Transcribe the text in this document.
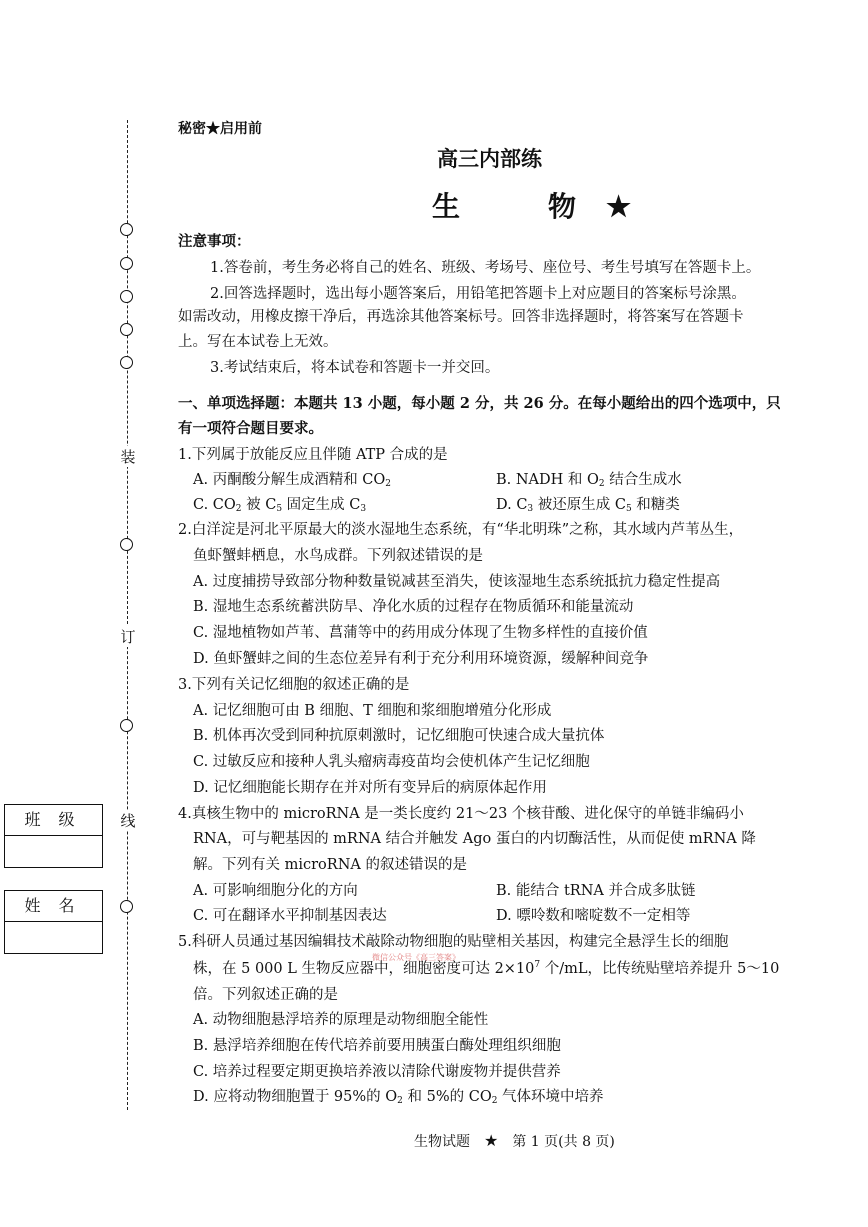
装
订
线
班级
姓名
秘密★启用前
高三内部练
生　物★
注意事项：
1.答卷前，考生务必将自己的姓名、班级、考场号、座位号、考生号填写在答题卡上。
2.回答选择题时，选出每小题答案后，用铅笔把答题卡上对应题目的答案标号涂黑。
如需改动，用橡皮擦干净后，再选涂其他答案标号。回答非选择题时，将答案写在答题卡
上。写在本试卷上无效。
3.考试结束后，将本试卷和答题卡一并交回。
一、单项选择题：本题共 13 小题，每小题 2 分，共 26 分。在每小题给出的四个选项中，只
有一项符合题目要求。
1.下列属于放能反应且伴随 ATP 合成的是
A. 丙酮酸分解生成酒精和 $CO_2$	B. NADH 和 $O_2$ 结合生成水
C. $CO_2$ 被 $C_5$ 固定生成 $C_3$	D. $C_3$ 被还原生成 $C_5$ 和糖类
2.白洋淀是河北平原最大的淡水湿地生态系统，有“华北明珠”之称，其水域内芦苇丛生，
鱼虾蟹蚌栖息，水鸟成群。下列叙述错误的是
A. 过度捕捞导致部分物种数量锐减甚至消失，使该湿地生态系统抵抗力稳定性提高
B. 湿地生态系统蓄洪防旱、净化水质的过程存在物质循环和能量流动
C. 湿地植物如芦苇、菖蒲等中的药用成分体现了生物多样性的直接价值
D. 鱼虾蟹蚌之间的生态位差异有利于充分利用环境资源，缓解种间竞争
3.下列有关记忆细胞的叙述正确的是
A. 记忆细胞可由 B 细胞、T 细胞和浆细胞增殖分化形成
B. 机体再次受到同种抗原刺激时，记忆细胞可快速合成大量抗体
C. 过敏反应和接种人乳头瘤病毒疫苗均会使机体产生记忆细胞
D. 记忆细胞能长期存在并对所有变异后的病原体起作用
4.真核生物中的 microRNA 是一类长度约 21～23 个核苷酸、进化保守的单链非编码小
RNA，可与靶基因的 mRNA 结合并触发 Ago 蛋白的内切酶活性，从而促使 mRNA 降
解。下列有关 microRNA 的叙述错误的是
A. 可影响细胞分化的方向	B. 能结合 tRNA 并合成多肽链
C. 可在翻译水平抑制基因表达	D. 嘌呤数和嘧啶数不一定相等
5.科研人员通过基因编辑技术敲除动物细胞的贴壁相关基因，构建完全悬浮生长的细胞
微信公众号《高三答案》
株，在 5 000 L 生物反应器中，细胞密度可达 $2\times 10^7$ 个/mL，比传统贴壁培养提升 5～10
倍。下列叙述正确的是
A. 动物细胞悬浮培养的原理是动物细胞全能性
B. 悬浮培养细胞在传代培养前要用胰蛋白酶处理组织细胞
C. 培养过程要定期更换培养液以清除代谢废物并提供营养
D. 应将动物细胞置于 95%的 $O_2$ 和 5%的 $CO_2$ 气体环境中培养
生物试题　 ★　 第 1 页(共 8 页)
